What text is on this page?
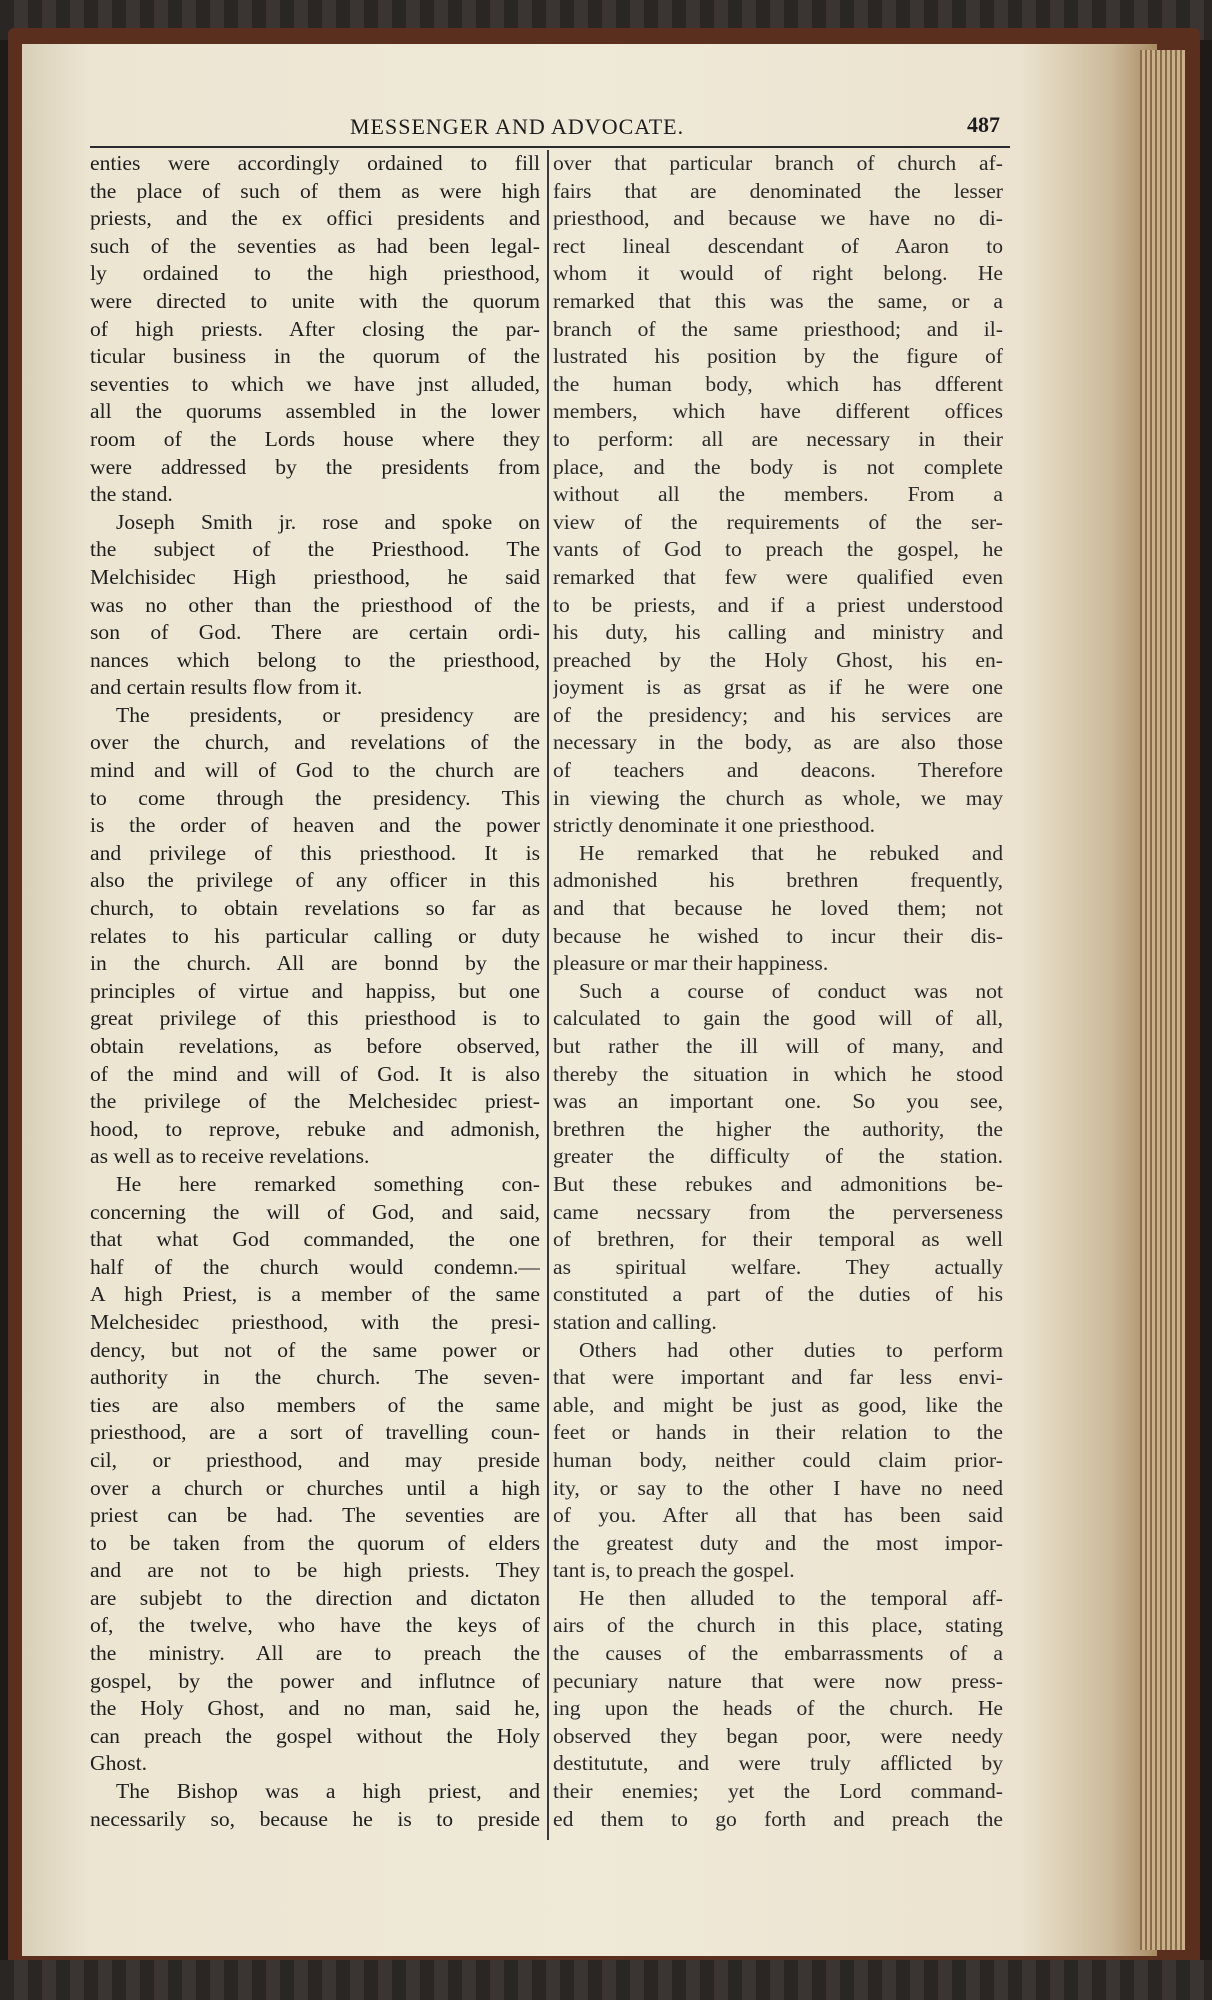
MESSENGER AND ADVOCATE.	487
enties were accordingly ordained to fill
the place of such of them as were high
priests, and the ex offici presidents and
such of the seventies as had been legal-
ly ordained to the high priesthood,
were directed to unite with the quorum
of high priests. After closing the par-
ticular business in the quorum of the
seventies to which we have jnst alluded,
all the quorums assembled in the lower
room of the Lords house where they
were addressed by the presidents from
the stand.
Joseph Smith jr. rose and spoke on
the subject of the Priesthood. The
Melchisidec High priesthood, he said
was no other than the priesthood of the
son of God. There are certain ordi-
nances which belong to the priesthood,
and certain results flow from it.
The presidents, or presidency are
over the church, and revelations of the
mind and will of God to the church are
to come through the presidency. This
is the order of heaven and the power
and privilege of this priesthood. It is
also the privilege of any officer in this
church, to obtain revelations so far as
relates to his particular calling or duty
in the church. All are bonnd by the
principles of virtue and happiss, but one
great privilege of this priesthood is to
obtain revelations, as before observed,
of the mind and will of God. It is also
the privilege of the Melchesidec priest-
hood, to reprove, rebuke and admonish,
as well as to receive revelations.
He here remarked something con-
concerning the will of God, and said,
that what God commanded, the one
half of the church would condemn.—
A high Priest, is a member of the same
Melchesidec priesthood, with the presi-
dency, but not of the same power or
authority in the church. The seven-
ties are also members of the same
priesthood, are a sort of travelling coun-
cil, or priesthood, and may preside
over a church or churches until a high
priest can be had. The seventies are
to be taken from the quorum of elders
and are not to be high priests. They
are subjebt to the direction and dictaton
of, the twelve, who have the keys of
the ministry. All are to preach the
gospel, by the power and influtnce of
the Holy Ghost, and no man, said he,
can preach the gospel without the Holy
Ghost.
The Bishop was a high priest, and
necessarily so, because he is to preside
over that particular branch of church af-
fairs that are denominated the lesser
priesthood, and because we have no di-
rect lineal descendant of Aaron to
whom it would of right belong. He
remarked that this was the same, or a
branch of the same priesthood; and il-
lustrated his position by the figure of
the human body, which has dfferent
members, which have different offices
to perform: all are necessary in their
place, and the body is not complete
without all the members. From a
view of the requirements of the ser-
vants of God to preach the gospel, he
remarked that few were qualified even
to be priests, and if a priest understood
his duty, his calling and ministry and
preached by the Holy Ghost, his en-
joyment is as grsat as if he were one
of the presidency; and his services are
necessary in the body, as are also those
of teachers and deacons. Therefore
in viewing the church as whole, we may
strictly denominate it one priesthood.
He remarked that he rebuked and
admonished his brethren frequently,
and that because he loved them; not
because he wished to incur their dis-
pleasure or mar their happiness.
Such a course of conduct was not
calculated to gain the good will of all,
but rather the ill will of many, and
thereby the situation in which he stood
was an important one. So you see,
brethren the higher the authority, the
greater the difficulty of the station.
But these rebukes and admonitions be-
came necssary from the perverseness
of brethren, for their temporal as well
as spiritual welfare. They actually
constituted a part of the duties of his
station and calling.
Others had other duties to perform
that were important and far less envi-
able, and might be just as good, like the
feet or hands in their relation to the
human body, neither could claim prior-
ity, or say to the other I have no need
of you. After all that has been said
the greatest duty and the most impor-
tant is, to preach the gospel.
He then alluded to the temporal aff-
airs of the church in this place, stating
the causes of the embarrassments of a
pecuniary nature that were now press-
ing upon the heads of the church. He
observed they began poor, were needy
destitutute, and were truly afflicted by
their enemies; yet the Lord command-
ed them to go forth and preach the
